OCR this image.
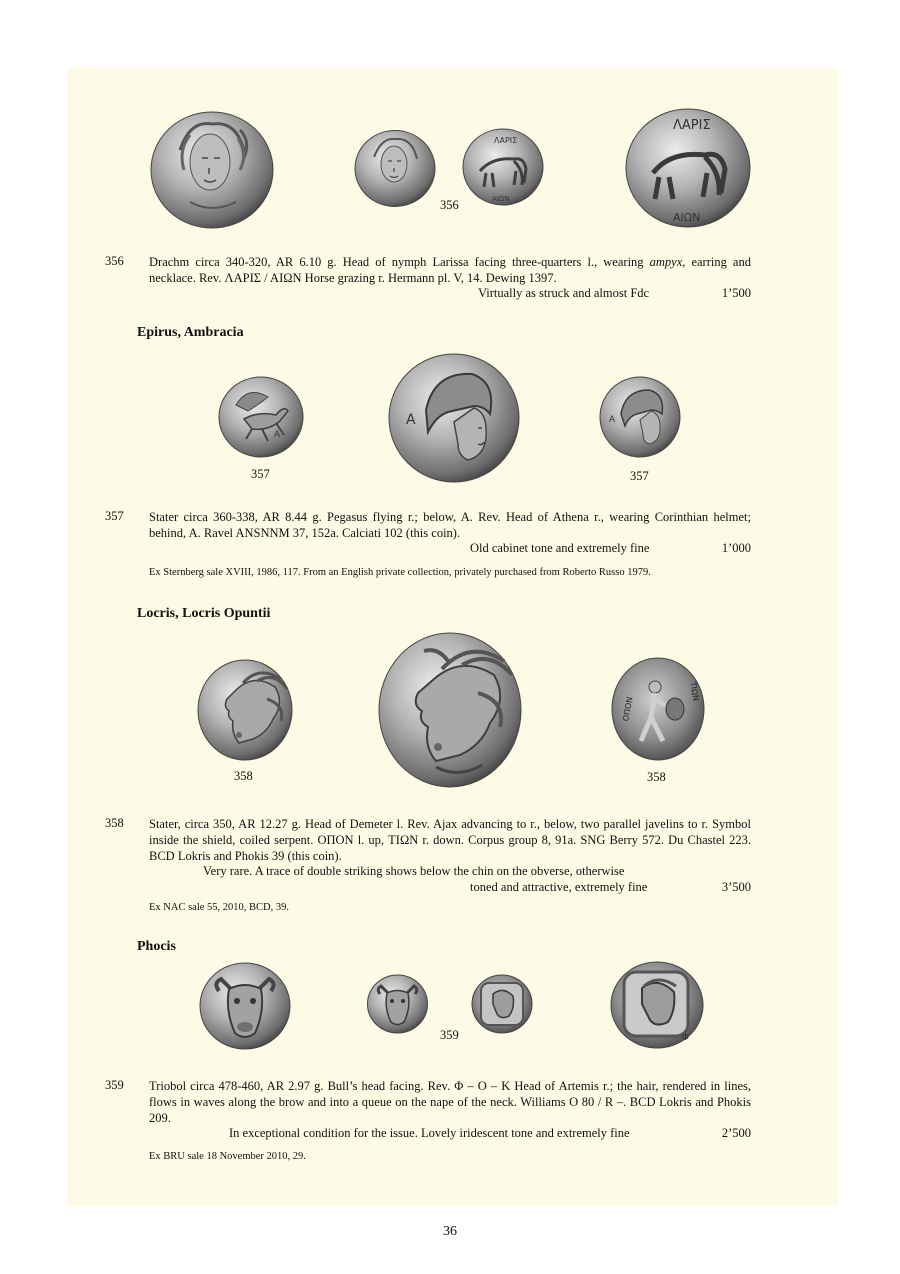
ΛΑΡΙΣ
ΑΙΩΝ
356
ΛΑΡΙΣ
ΑΙΩΝ
356 Drachm circa 340-320, AR 6.10 g. Head of nymph Larissa facing three-quarters l., wearing ampyx, earring and necklace. Rev. ΛΑΡΙΣ / ΑΙΩΝ Horse grazing r. Hermann pl. V, 14. Dewing 1397.

Virtually as struck and almost Fdc	1’500
Epirus, Ambracia
Α
Α	Α
357	357
357 Stater circa 360-338, AR 8.44 g. Pegasus flying r.; below, A. Rev. Head of Athena r., wearing Corinthian helmet; behind, A. Ravel ANSNNM 37, 152a. Calciati 102 (this coin).
Old cabinet tone and extremely fine	1’000
Ex Sternberg sale XVIII, 1986, 117. From an English private collection, privately purchased from Roberto Russo 1979.
Locris, Locris Opuntii
ΟΠΟΝ
ΤΙΩΝ
358	358
358 Stater, circa 350, AR 12.27 g. Head of Demeter l. Rev. Ajax advancing to r., below, two parallel javelins to r. Symbol inside the shield, coiled serpent. ΟΠΟΝ l. up, ΤΙΩΝ r. down. Corpus group 8, 91a. SNG Berry 572. Du Chastel 223. BCD Lokris and Phokis 39 (this coin).
Very rare. A trace of double striking shows below the chin on the obverse, otherwise
toned and attractive, extremely fine	3’500
Ex NAC sale 55, 2010, BCD, 39.
Phocis
Φ
359
359 Triobol circa 478-460, AR 2.97 g. Bull’s head facing. Rev. Φ – Ο – Κ Head of Artemis r.; the hair, rendered in lines, flows in waves along the brow and into a queue on the nape of the neck. Williams O 80 / R –. BCD Lokris and Phokis 209.
In exceptional condition for the issue. Lovely iridescent tone and extremely fine	2’500
Ex BRU sale 18 November 2010, 29.
36
